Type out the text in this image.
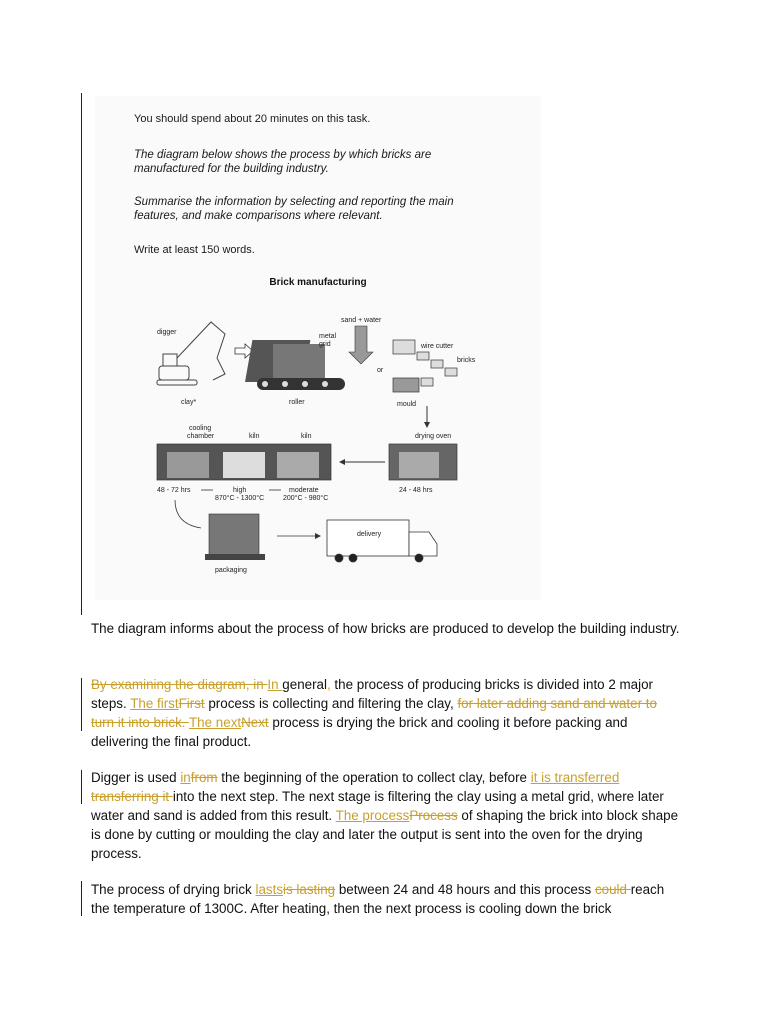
You should spend about 20 minutes on this task.

The diagram below shows the process by which bricks are manufactured for the building industry.

Summarise the information by selecting and reporting the main features, and make comparisons where relevant.

Write at least 150 words.

Brick manufacturing
digger
clay*
metal
grid
roller
sand + water
wire cutter
bricks
or
mould
drying oven
24 - 48 hrs
cooling
chamber	kiln	kiln
48 - 72 hrs	high
870°C - 1300°C
moderate
200°C - 980°C
packaging
delivery

The diagram informs about the process of how bricks are produced to develop the building industry.

By examining the diagram, in In general, the process of producing bricks is divided into 2 major steps. The firstFirst process is collecting and filtering the clay, for later adding sand and water to turn it into brick. The nextNext process is drying the brick and cooling it before packing and delivering the final product.

Digger is used infrom the beginning of the operation to collect clay, before it is transferred transferring it into the next step. The next stage is filtering the clay using a metal grid, where later water and sand is added from this result. The processProcess of shaping the brick into block shape is done by cutting or moulding the clay and later the output is sent into the oven for the drying process.

The process of drying brick lastsis lasting between 24 and 48 hours and this process could reach the temperature of 1300C. After heating, then the next process is cooling down the brick
